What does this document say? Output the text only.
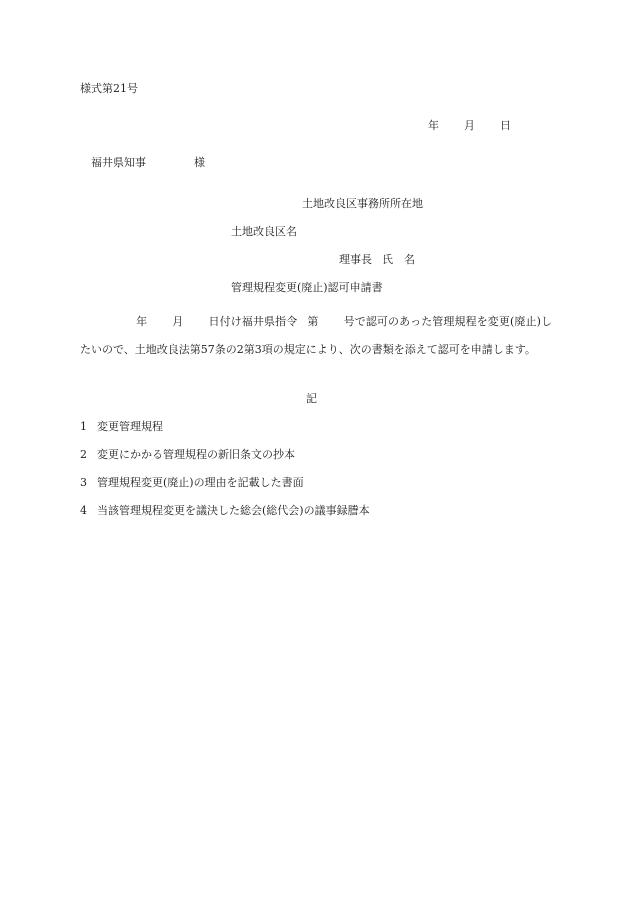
様式第21号
年 月 日
福井県知事	様
土地改良区事務所所在地
土地改良区名
理事長 氏　名
管理規程変更(廃止)認可申請書
年 月 日付け福井県指令 第 号で認可のあった管理規程を変更(廃止)したいので、土地改良法第57条の2第3項の規定により、次の書類を添えて認可を申請します。
記
1 変更管理規程
2 変更にかかる管理規程の新旧条文の抄本
3 管理規程変更(廃止)の理由を記載した書面
4 当該管理規程変更を議決した総会(総代会)の議事録謄本
